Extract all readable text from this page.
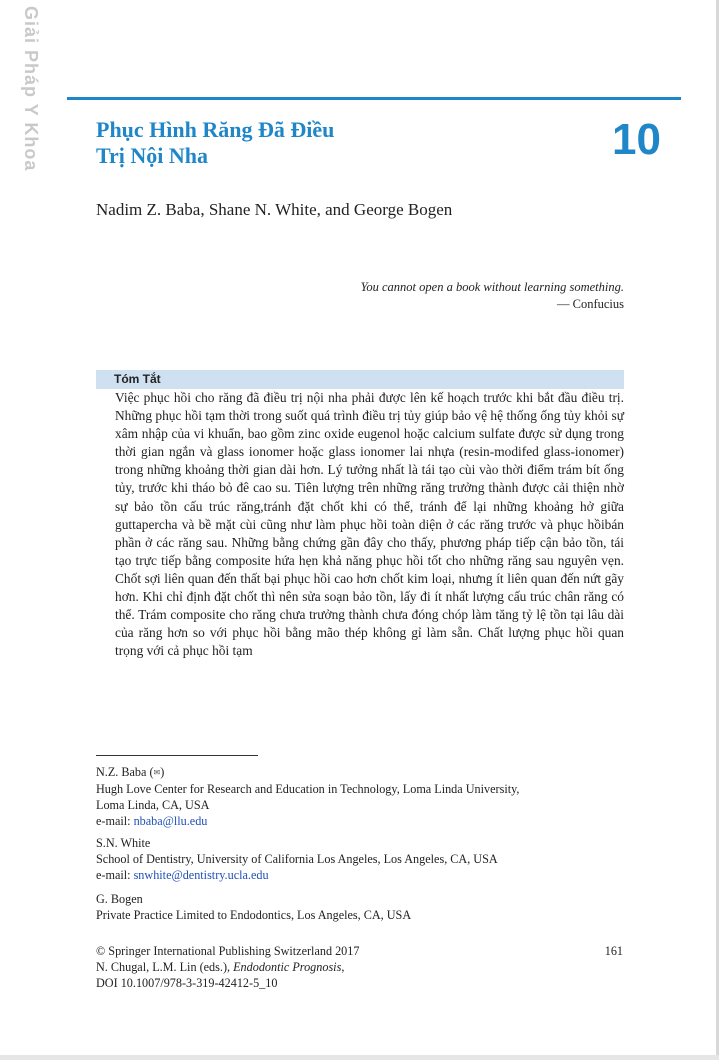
Giải Pháp Y Khoa	Phục Hình Răng Đã Điều
Trị Nội Nha	10
Nadim Z. Baba, Shane N. White, and George Bogen
You cannot open a book without learning something.
— Confucius
Tóm Tắt
Việc phục hồi cho răng đã điều trị nội nha phải được lên kế hoạch trước khi bắt đầu điều trị. Những phục hồi tạm thời trong suốt quá trình điều trị tủy giúp bảo vệ hệ thống ống tủy khỏi sự xâm nhập của vi khuẩn, bao gồm zinc oxide eugenol hoặc calcium sulfate được sử dụng trong thời gian ngắn và glass ionomer hoặc glass ionomer lai nhựa (resin-modifed glass-ionomer) trong những khoảng thời gian dài hơn. Lý tưởng nhất là tái tạo cùi vào thời điểm trám bít ống tủy, trước khi tháo bỏ đê cao su. Tiên lượng trên những răng trưởng thành được cải thiện nhờ sự bảo tồn cấu trúc răng,tránh đặt chốt khi có thể, tránh để lại những khoảng hở giữa guttapercha và bề mặt cùi cũng như làm phục hồi toàn diện ở các răng trước và phục hồibán phần ở các răng sau. Những bằng chứng gần đây cho thấy, phương pháp tiếp cận bảo tồn, tái tạo trực tiếp bằng composite hứa hẹn khả năng phục hồi tốt cho những răng sau nguyên vẹn. Chốt sợi liên quan đến thất bại phục hồi cao hơn chốt kim loại, nhưng ít liên quan đến nứt gãy hơn. Khi chỉ định đặt chốt thì nên sửa soạn bảo tồn, lấy đi ít nhất lượng cấu trúc chân răng có thể. Trám composite cho răng chưa trưởng thành chưa đóng chóp làm tăng tỷ lệ tồn tại lâu dài của răng hơn so với phục hồi bằng mão thép không gỉ làm sẵn. Chất lượng phục hồi quan trọng với cả phục hồi tạm
N.Z. Baba (✉)
Hugh Love Center for Research and Education in Technology, Loma Linda University,
Loma Linda, CA, USA
e-mail: nbaba@llu.edu
S.N. White
School of Dentistry, University of California Los Angeles, Los Angeles, CA, USA
e-mail: snwhite@dentistry.ucla.edu
G. Bogen
Private Practice Limited to Endodontics, Los Angeles, CA, USA
© Springer International Publishing Switzerland 2017
N. Chugal, L.M. Lin (eds.), Endodontic Prognosis,
DOI 10.1007/978-3-319-42412-5_10
161
